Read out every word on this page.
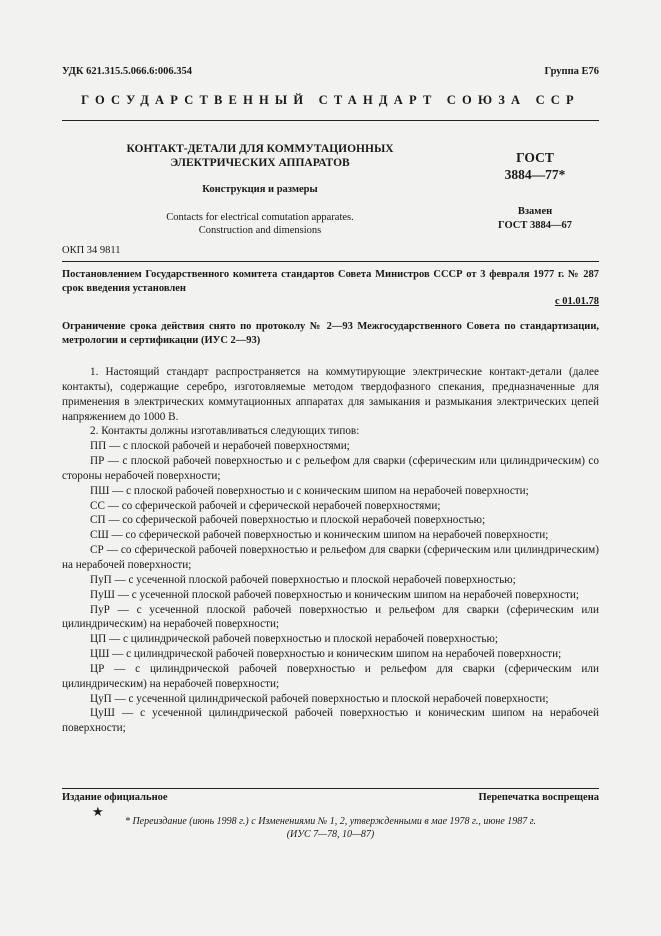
УДК 621.315.5.066.6:006.354	Группа Е76
ГОСУДАРСТВЕННЫЙ СТАНДАРТ СОЮЗА ССР
КОНТАКТ-ДЕТАЛИ ДЛЯ КОММУТАЦИОННЫХ
ЭЛЕКТРИЧЕСКИХ АППАРАТОВ
Конструкция и размеры
Contacts for electrical comutation apparates.
Construction and dimensions
ГОСТ
3884—77*
Взамен
ГОСТ 3884—67
ОКП 34 9811
Постановлением Государственного комитета стандартов Совета Министров СССР от 3 февраля 1977 г. № 287 срок введения установлен
с 01.01.78
Ограничение срока действия снято по протоколу № 2—93 Межгосударственного Совета по стандартизации, метрологии и сертификации (ИУС 2—93)
1. Настоящий стандарт распространяется на коммутирующие электрические контакт-детали (далее контакты), содержащие серебро, изготовляемые методом твердофазного спекания, предназначенные для применения в электрических коммутационных аппаратах для замыкания и размыкания электрических цепей напряжением до 1000 В.
2. Контакты должны изготавливаться следующих типов:
ПП — с плоской рабочей и нерабочей поверхностями;
ПР — с плоской рабочей поверхностью и с рельефом для сварки (сферическим или цилиндрическим) со стороны нерабочей поверхности;
ПШ — с плоской рабочей поверхностью и с коническим шипом на нерабочей поверхности;
СС — со сферической рабочей и сферической нерабочей поверхностями;
СП — со сферической рабочей поверхностью и плоской нерабочей поверхностью;
СШ — со сферической рабочей поверхностью и коническим шипом на нерабочей поверхности;
СР — со сферической рабочей поверхностью и рельефом для сварки (сферическим или цилиндрическим) на нерабочей поверхности;
ПуП — с усеченной плоской рабочей поверхностью и плоской нерабочей поверхностью;
ПуШ — с усеченной плоской рабочей поверхностью и коническим шипом на нерабочей поверхности;
ПуР — с усеченной плоской рабочей поверхностью и рельефом для сварки (сферическим или цилиндрическим) на нерабочей поверхности;
ЦП — с цилиндрической рабочей поверхностью и плоской нерабочей поверхностью;
ЦШ — с цилиндрической рабочей поверхностью и коническим шипом на нерабочей поверхности;
ЦР — с цилиндрической рабочей поверхностью и рельефом для сварки (сферическим или цилиндрическим) на нерабочей поверхности;
ЦуП — с усеченной цилиндрической рабочей поверхностью и плоской нерабочей поверхности;
ЦуШ — с усеченной цилиндрической рабочей поверхностью и коническим шипом на нерабочей поверхности;
Издание официальное	Перепечатка воспрещена
★
* Переиздание (июнь 1998 г.) с Изменениями № 1, 2, утвержденными в мае 1978 г., июне 1987 г.
(ИУС 7—78, 10—87)
